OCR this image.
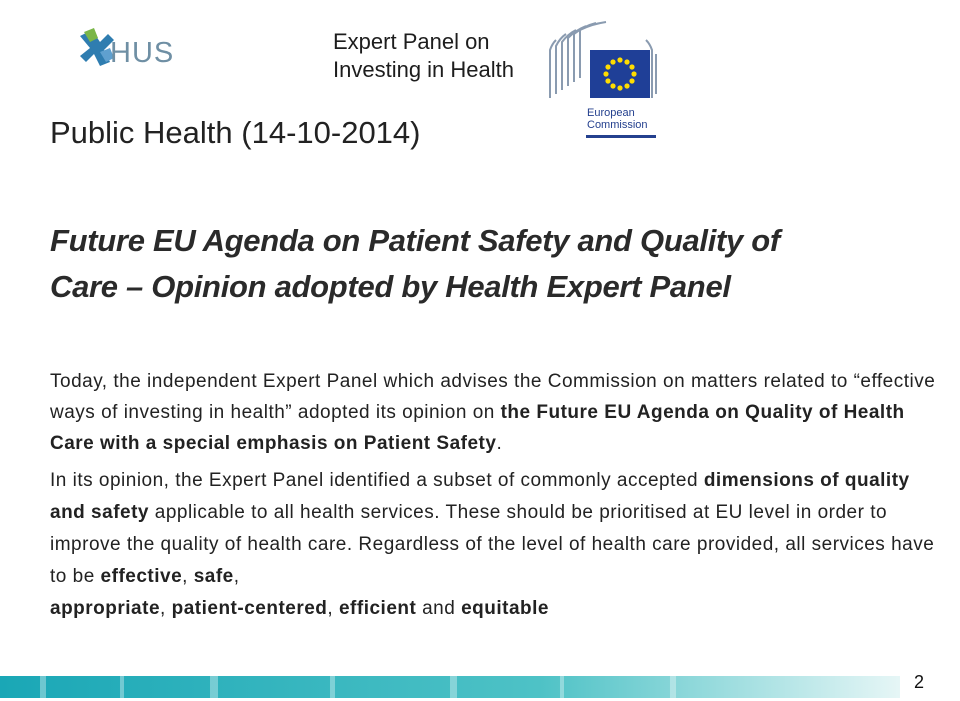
HUS	Expert Panel on
Investing in Health
European
Commission
Public Health (14-10-2014)
Future EU Agenda on Patient Safety and Quality of
Care – Opinion adopted by Health Expert Panel
Today, the independent Expert Panel which advises the Commission on matters related to “effective ways of investing in health” adopted its opinion on the Future EU Agenda on Quality of Health Care with a special emphasis on Patient Safety.
In its opinion, the Expert Panel identified a subset of commonly accepted dimensions of quality and safety applicable to all health services. These should be prioritised at EU level in order to improve the quality of health care. Regardless of the level of health care provided, all services have to be effective, safe,
appropriate, patient-centered, efficient and equitable
2
